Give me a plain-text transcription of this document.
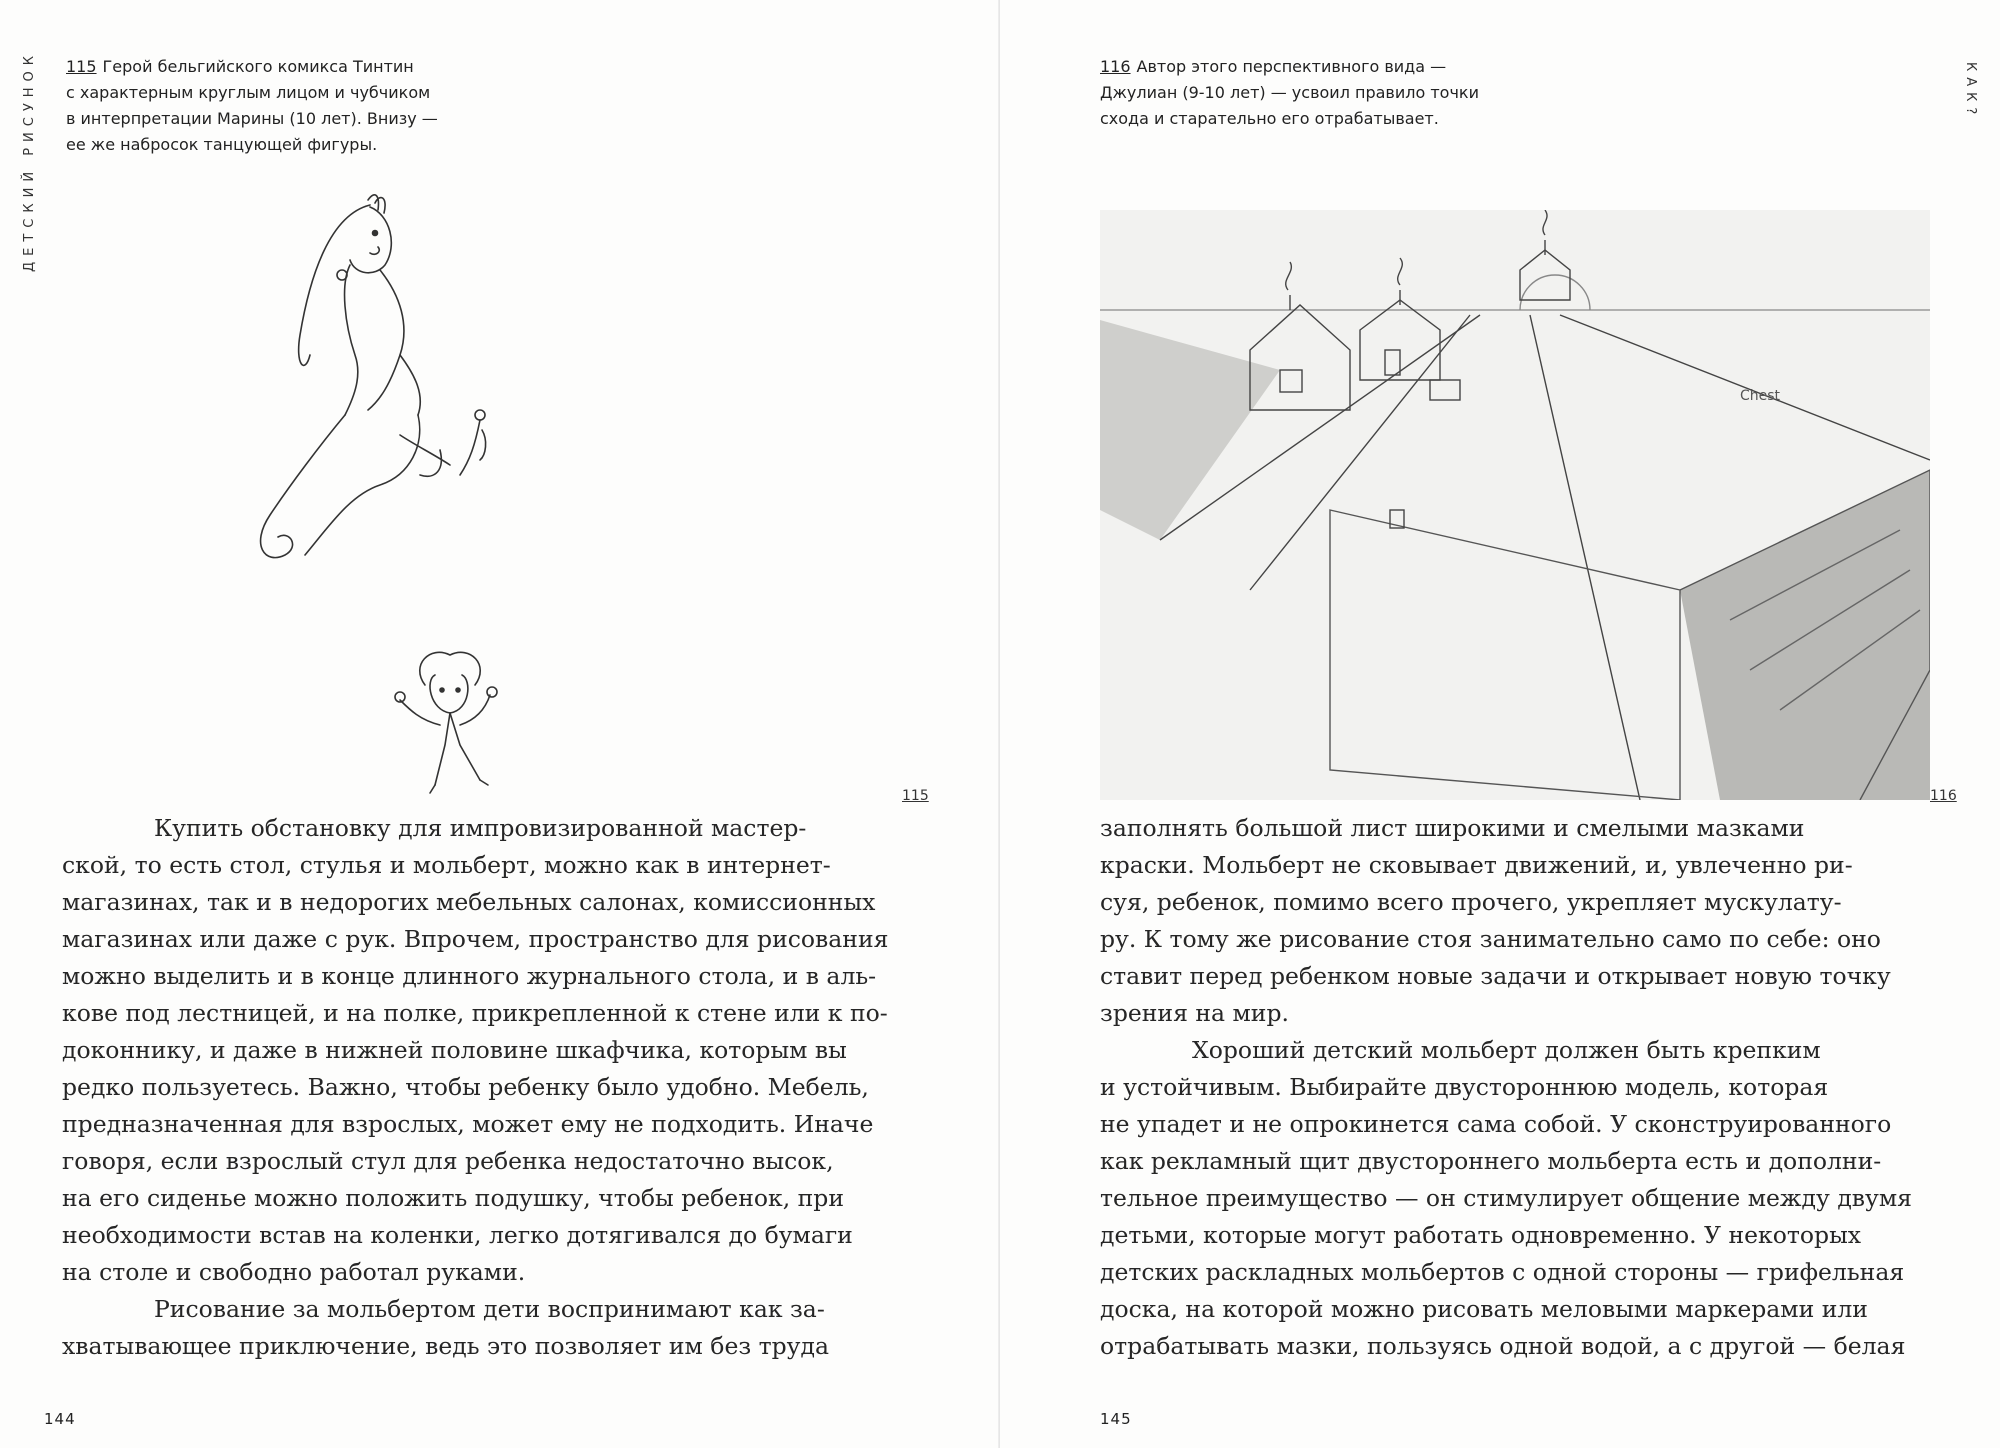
ДЕТСКИЙ РИСУНОК 115 Герой бельгийского комикса Тинтин
с характерным круглым лицом и чубчиком
в интерпретации Марины (10 лет). Внизу —
ее же набросок танцующей фигуры.
115
Купить обстановку для импровизированной мастер-
ской, то есть стол, стулья и мольберт, можно как в интернет-
магазинах, так и в недорогих мебельных салонах, комиссионных
магазинах или даже с рук. Впрочем, пространство для рисования
можно выделить и в конце длинного журнального стола, и в аль-
кове под лестницей, и на полке, прикрепленной к стене или к по-
доконнику, и даже в нижней половине шкафчика, которым вы
редко пользуетесь. Важно, чтобы ребенку было удобно. Мебель,
предназначенная для взрослых, может ему не подходить. Иначе
говоря, если взрослый стул для ребенка недостаточно высок,
на его сиденье можно положить подушку, чтобы ребенок, при
необходимости встав на коленки, легко дотягивался до бумаги
на столе и свободно работал руками.
Рисование за мольбертом дети воспринимают как за-
хватывающее приключение, ведь это позволяет им без труда
144
116 Автор этого перспективного вида —
Джулиан (9-10 лет) — усвоил правило точки
схода и старательно его отрабатывает.
Chest
116
заполнять большой лист широкими и смелыми мазками
краски. Мольберт не сковывает движений, и, увлеченно ри-
суя, ребенок, помимо всего прочего, укрепляет мускулату-
ру. К тому же рисование стоя занимательно само по себе: оно
ставит перед ребенком новые задачи и открывает новую точку
зрения на мир.
Хороший детский мольберт должен быть крепким
и устойчивым. Выбирайте двустороннюю модель, которая
не упадет и не опрокинется сама собой. У сконструированного
как рекламный щит двустороннего мольберта есть и дополни-
тельное преимущество — он стимулирует общение между двумя
детьми, которые могут работать одновременно. У некоторых
детских раскладных мольбертов с одной стороны — грифельная
доска, на которой можно рисовать меловыми маркерами или
отрабатывать мазки, пользуясь одной водой, а с другой — белая
145
КАК?
